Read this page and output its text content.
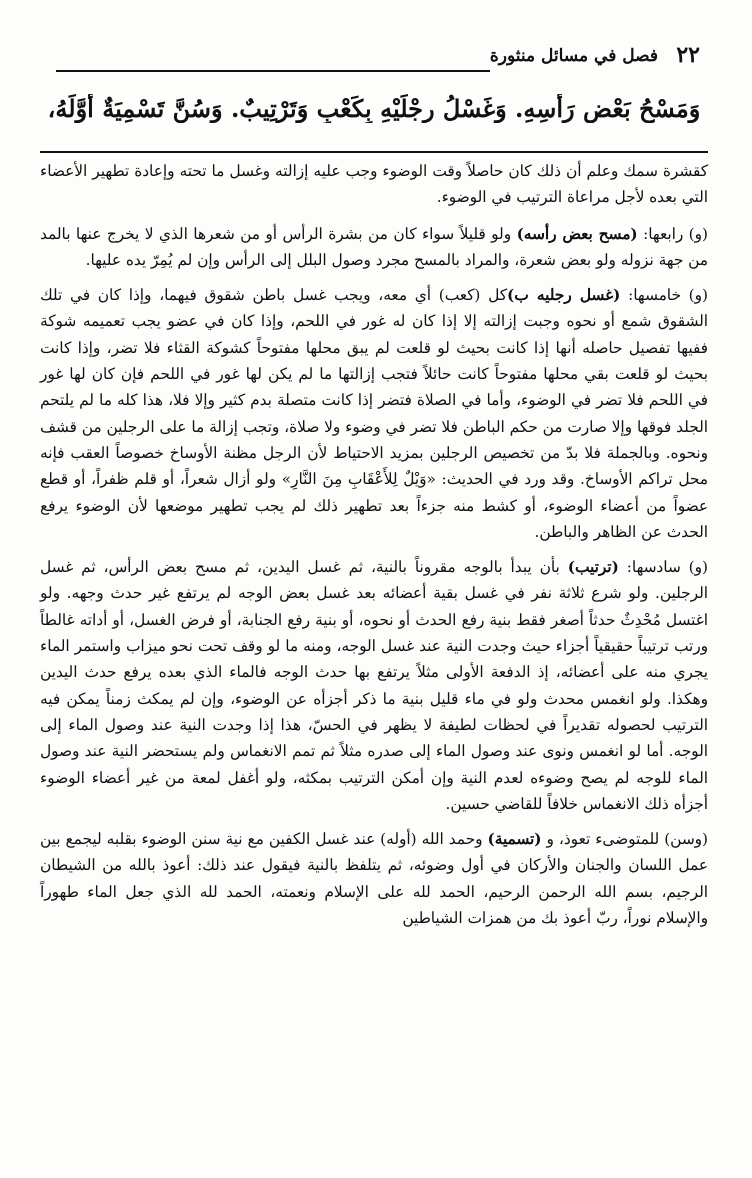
٢٢
فصل في مسائل منثورة
وَمَسْحُ بَعْضِ رَأْسِهِ. وَغَسْلُ رِجْلَيْهِ بِكَعْبٍ وَتَرْتِيبٌ. وَسُنَّ تَسْمِيَةٌ أَوَّلَهُ،

كقشرة سمك وعلم أن ذلك كان حاصلاً وقت الوضوء وجب عليه إزالته وغسل ما تحته وإعادة تطهير الأعضاء التي بعده لأجل مراعاة الترتيب في الوضوء.

(و) رابعها: (مسح بعض رأسه) ولو قليلاً سواء كان من بشرة الرأس أو من شعرها الذي لا يخرج عنها بالمد من جهة نزوله ولو بعض شعرة، والمراد بالمسح مجرد وصول البلل إلى الرأس وإن لم يُمِرّ يده عليها.

(و) خامسها: (غسل رجليه ب)كل (كعب) أي معه، ويجب غسل باطن شقوق فيهما، وإذا كان في تلك الشقوق شمع أو نحوه وجبت إزالته إلا إذا كان له غور في اللحم، وإذا كان في عضو يجب تعميمه شوكة ففيها تفصيل حاصله أنها إذا كانت بحيث لو قلعت لم يبق محلها مفتوحاً كشوكة القثاء فلا تضر، وإذا كانت بحيث لو قلعت بقي محلها مفتوحاً كانت حائلاً فتجب إزالتها ما لم يكن لها غور في اللحم فإن كان لها غور في اللحم فلا تضر في الوضوء، وأما في الصلاة فتضر إذا كانت متصلة بدم كثير وإلا فلا، هذا كله ما لم يلتحم الجلد فوقها وإلا صارت من حكم الباطن فلا تضر في وضوء ولا صلاة، وتجب إزالة ما على الرجلين من قشف ونحوه. وبالجملة فلا بدّ من تخصيص الرجلين بمزيد الاحتياط لأن الرجل مظنة الأوساخ خصوصاً العقب فإنه محل تراكم الأوساخ. وقد ورد في الحديث: «وَيْلٌ لِلأَعْقَابِ مِنَ النَّارِ» ولو أزال شعراً، أو قلم ظفراً، أو قطع عضواً من أعضاء الوضوء، أو كشط منه جزءاً بعد تطهير ذلك لم يجب تطهير موضعها لأن الوضوء يرفع الحدث عن الظاهر والباطن.

(و) سادسها: (ترتيب) بأن يبدأ بالوجه مقروناً بالنية، ثم غسل اليدين، ثم مسح بعض الرأس، ثم غسل الرجلين. ولو شرع ثلاثة نفر في غسل بقية أعضائه بعد غسل بعض الوجه لم يرتفع غير حدث وجهه. ولو اغتسل مُحْدِثٌ حدثاً أصغر فقط بنية رفع الحدث أو نحوه، أو بنية رفع الجنابة، أو فرض الغسل، أو أداته غالطاً ورتب ترتيباً حقيقياً أجزاء حيث وجدت النية عند غسل الوجه، ومنه ما لو وقف تحت نحو ميزاب واستمر الماء يجري منه على أعضائه، إذ الدفعة الأولى مثلاً يرتفع بها حدث الوجه فالماء الذي بعده يرفع حدث اليدين وهكذا. ولو انغمس محدث ولو في ماء قليل بنية ما ذكر أجزأه عن الوضوء، وإن لم يمكث زمناً يمكن فيه الترتيب لحصوله تقديراً في لحظات لطيفة لا يظهر في الحسّ، هذا إذا وجدت النية عند وصول الماء إلى الوجه. أما لو انغمس ونوى عند وصول الماء إلى صدره مثلاً ثم تمم الانغماس ولم يستحضر النية عند وصول الماء للوجه لم يصح وضوءه لعدم النية وإن أمكن الترتيب بمكثه، ولو أغفل لمعة من غير أعضاء الوضوء أجزأه ذلك الانغماس خلافاً للقاضي حسين.

(وسن) للمتوضىء تعوذ، و (تسمية) وحمد الله (أوله) عند غسل الكفين مع نية سنن الوضوء بقلبه ليجمع بين عمل اللسان والجنان والأركان في أول وضوئه، ثم يتلفظ بالنية فيقول عند ذلك: أعوذ بالله من الشيطان الرجيم، بسم الله الرحمن الرحيم، الحمد لله على الإسلام ونعمته، الحمد لله الذي جعل الماء طهوراً والإسلام نوراً، ربّ أعوذ بك من همزات الشياطين
